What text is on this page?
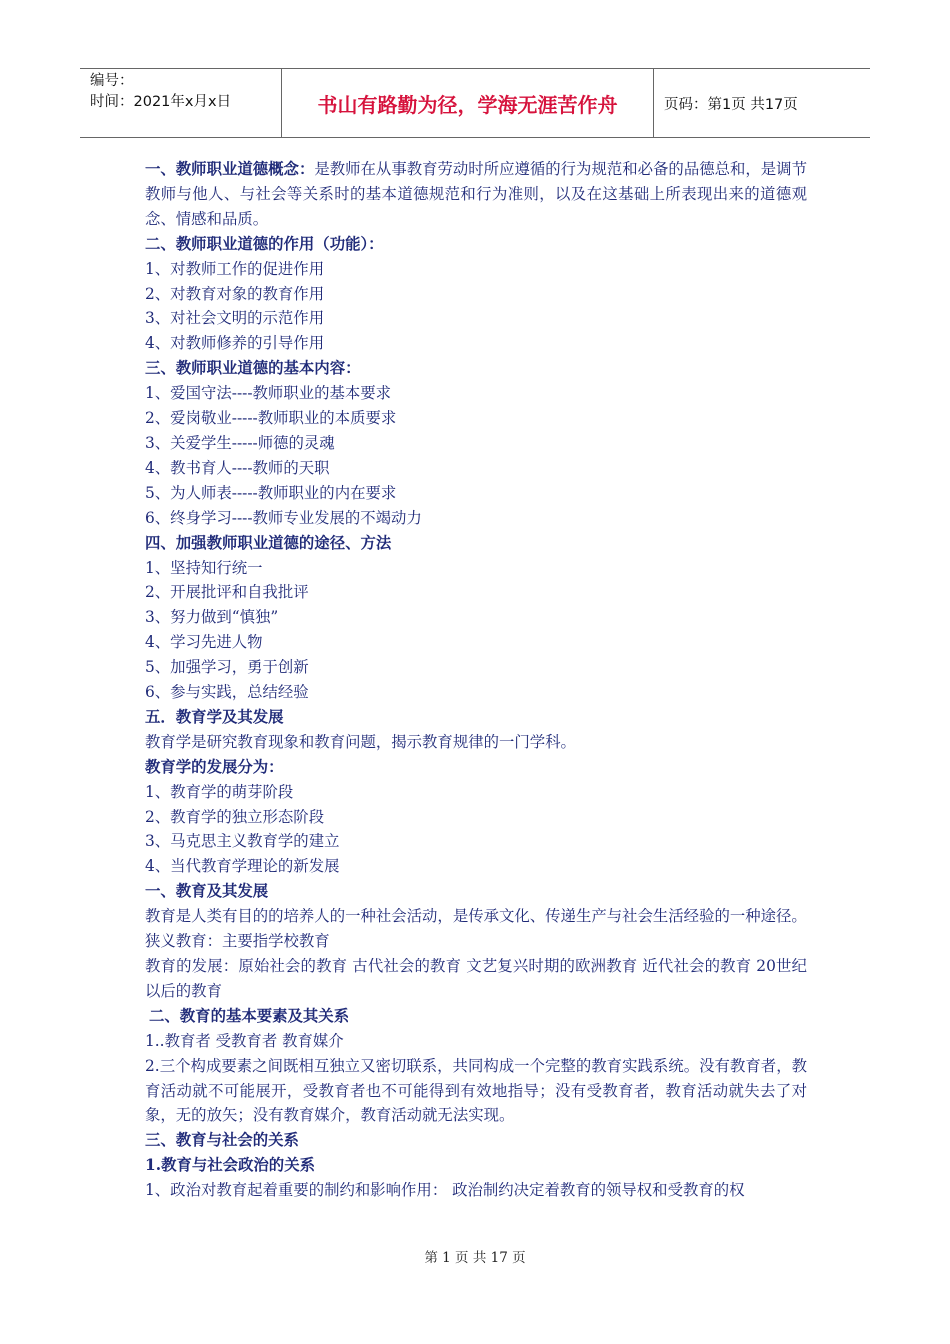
编号：
时间：2021年x月x日	书山有路勤为径，学海无涯苦作舟	页码：第1页 共17页

一、教师职业道德概念：是教师在从事教育劳动时所应遵循的行为规范和必备的品德总和，是调节教师与他人、与社会等关系时的基本道德规范和行为准则，以及在这基础上所表现出来的道德观念、情感和品质。

二、教师职业道德的作用（功能）：

1、对教师工作的促进作用

2、对教育对象的教育作用

3、对社会文明的示范作用

4、对教师修养的引导作用

三、教师职业道德的基本内容：

1、爱国守法----教师职业的基本要求

2、爱岗敬业-----教师职业的本质要求

3、关爱学生-----师德的灵魂

4、教书育人----教师的天职

5、为人师表-----教师职业的内在要求

6、终身学习----教师专业发展的不竭动力

四、加强教师职业道德的途径、方法

1、坚持知行统一

2、开展批评和自我批评

3、努力做到“慎独”

4、学习先进人物

5、加强学习，勇于创新

6、参与实践，总结经验

五．教育学及其发展

教育学是研究教育现象和教育问题，揭示教育规律的一门学科。

教育学的发展分为：

1、教育学的萌芽阶段

2、教育学的独立形态阶段

3、马克思主义教育学的建立

4、当代教育学理论的新发展

一、教育及其发展

教育是人类有目的的培养人的一种社会活动，是传承文化、传递生产与社会生活经验的一种途径。

狭义教育：主要指学校教育

教育的发展：原始社会的教育 古代社会的教育 文艺复兴时期的欧洲教育 近代社会的教育 20世纪以后的教育

二、教育的基本要素及其关系

1..教育者 受教育者 教育媒介

2.三个构成要素之间既相互独立又密切联系，共同构成一个完整的教育实践系统。没有教育者，教育活动就不可能展开，受教育者也不可能得到有效地指导；没有受教育者，教育活动就失去了对象，无的放矢；没有教育媒介，教育活动就无法实现。

三、教育与社会的关系

1.教育与社会政治的关系

1、政治对教育起着重要的制约和影响作用： 政治制约决定着教育的领导权和受教育的权

第 1 页 共 17 页
